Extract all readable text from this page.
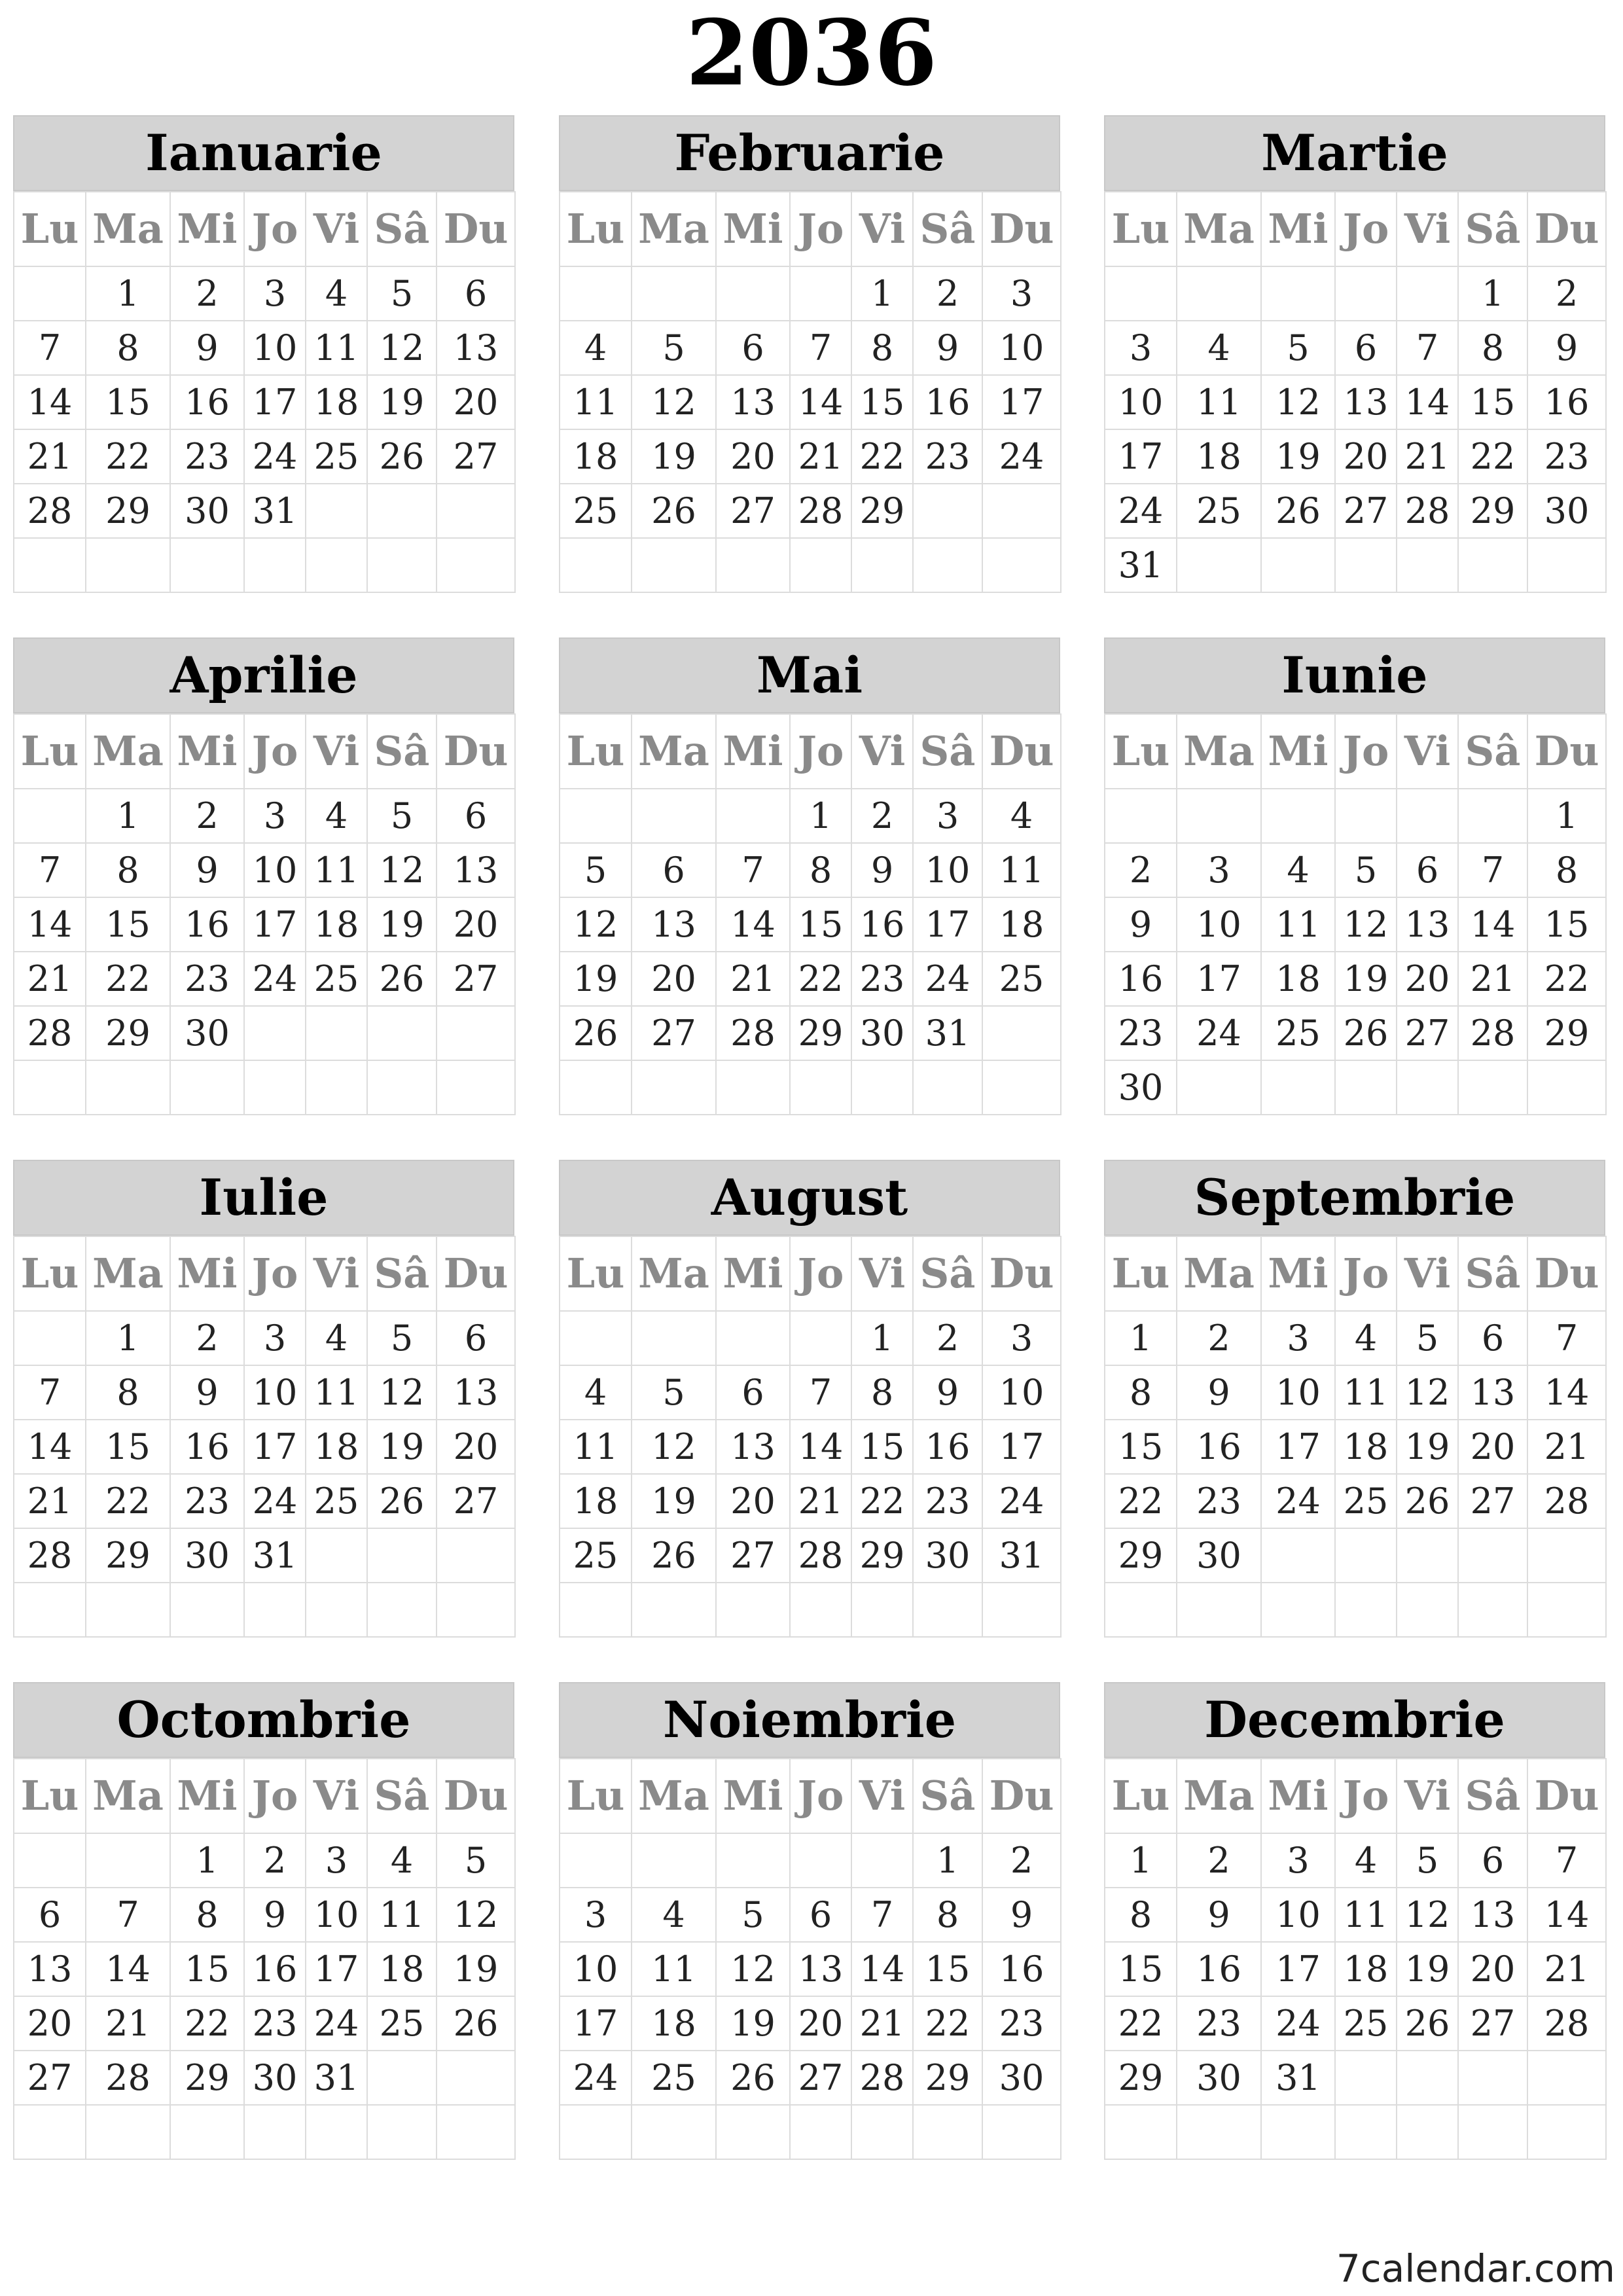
2036
Ianuarie
Lu	Ma	Mi	Jo	Vi	Sâ	Du
	1	2	3	4	5	6
7	8	9	10	11	12	13
14	15	16	17	18	19	20
21	22	23	24	25	26	27
28	29	30	31			

Februarie
Lu	Ma	Mi	Jo	Vi	Sâ	Du
				1	2	3
4	5	6	7	8	9	10
11	12	13	14	15	16	17
18	19	20	21	22	23	24
25	26	27	28	29		

Martie
Lu	Ma	Mi	Jo	Vi	Sâ	Du
					1	2
3	4	5	6	7	8	9
10	11	12	13	14	15	16
17	18	19	20	21	22	23
24	25	26	27	28	29	30
31						
Aprilie
Lu	Ma	Mi	Jo	Vi	Sâ	Du
	1	2	3	4	5	6
7	8	9	10	11	12	13
14	15	16	17	18	19	20
21	22	23	24	25	26	27
28	29	30				

Mai
Lu	Ma	Mi	Jo	Vi	Sâ	Du
			1	2	3	4
5	6	7	8	9	10	11
12	13	14	15	16	17	18
19	20	21	22	23	24	25
26	27	28	29	30	31	

Iunie
Lu	Ma	Mi	Jo	Vi	Sâ	Du
						1
2	3	4	5	6	7	8
9	10	11	12	13	14	15
16	17	18	19	20	21	22
23	24	25	26	27	28	29
30						
Iulie
Lu	Ma	Mi	Jo	Vi	Sâ	Du
	1	2	3	4	5	6
7	8	9	10	11	12	13
14	15	16	17	18	19	20
21	22	23	24	25	26	27
28	29	30	31			

August
Lu	Ma	Mi	Jo	Vi	Sâ	Du
				1	2	3
4	5	6	7	8	9	10
11	12	13	14	15	16	17
18	19	20	21	22	23	24
25	26	27	28	29	30	31

Septembrie
Lu	Ma	Mi	Jo	Vi	Sâ	Du
1	2	3	4	5	6	7
8	9	10	11	12	13	14
15	16	17	18	19	20	21
22	23	24	25	26	27	28
29	30					

Octombrie
Lu	Ma	Mi	Jo	Vi	Sâ	Du
		1	2	3	4	5
6	7	8	9	10	11	12
13	14	15	16	17	18	19
20	21	22	23	24	25	26
27	28	29	30	31		

Noiembrie
Lu	Ma	Mi	Jo	Vi	Sâ	Du
					1	2
3	4	5	6	7	8	9
10	11	12	13	14	15	16
17	18	19	20	21	22	23
24	25	26	27	28	29	30

Decembrie
Lu	Ma	Mi	Jo	Vi	Sâ	Du
1	2	3	4	5	6	7
8	9	10	11	12	13	14
15	16	17	18	19	20	21
22	23	24	25	26	27	28
29	30	31				

7calendar.com
